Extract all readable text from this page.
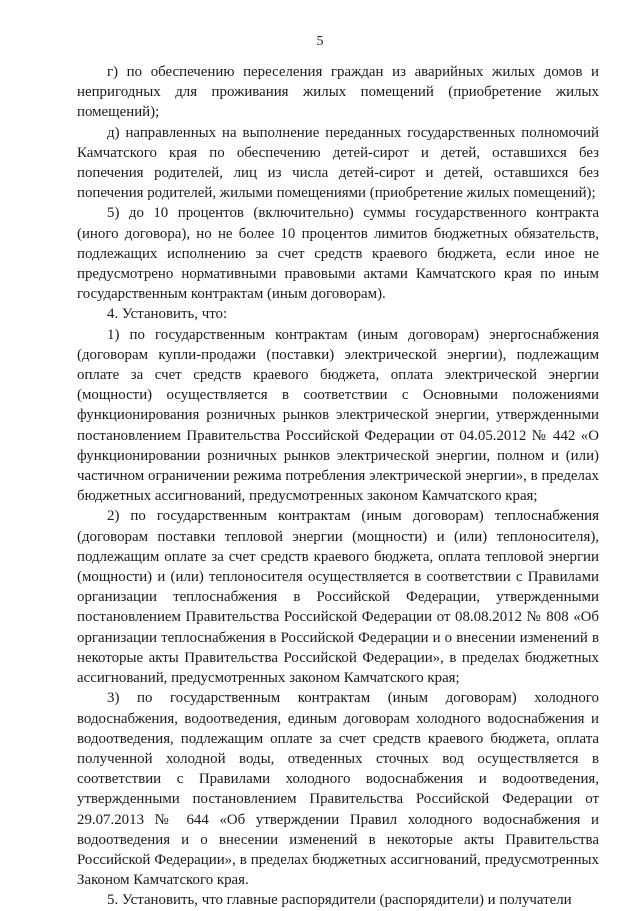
5

г) по обеспечению переселения граждан из аварийных жилых домов и непригодных для проживания жилых помещений (приобретение жилых помещений);

д) направленных на выполнение переданных государственных полномочий Камчатского края по обеспечению детей-сирот и детей, оставшихся без попечения родителей, лиц из числа детей-сирот и детей, оставшихся без попечения родителей, жилыми помещениями (приобретение жилых помещений);

5) до 10 процентов (включительно) суммы государственного контракта (иного договора), но не более 10 процентов лимитов бюджетных обязательств, подлежащих исполнению за счет средств краевого бюджета, если иное не предусмотрено нормативными правовыми актами Камчатского края по иным государственным контрактам (иным договорам).

4. Установить, что:

1) по государственным контрактам (иным договорам) энергоснабжения (договорам купли-продажи (поставки) электрической энергии), подлежащим оплате за счет средств краевого бюджета, оплата электрической энергии (мощности) осуществляется в соответствии с Основными положениями функционирования розничных рынков электрической энергии, утвержденными постановлением Правительства Российской Федерации от 04.05.2012 № 442 «О функционировании розничных рынков электрической энергии, полном и (или) частичном ограничении режима потребления электрической энергии», в пределах бюджетных ассигнований, предусмотренных законом Камчатского края;

2) по государственным контрактам (иным договорам) теплоснабжения (договорам поставки тепловой энергии (мощности) и (или) теплоносителя), подлежащим оплате за счет средств краевого бюджета, оплата тепловой энергии (мощности) и (или) теплоносителя осуществляется в соответствии с Правилами организации теплоснабжения в Российской Федерации, утвержденными постановлением Правительства Российской Федерации от 08.08.2012 № 808 «Об организации теплоснабжения в Российской Федерации и о внесении изменений в некоторые акты Правительства Российской Федерации», в пределах бюджетных ассигнований, предусмотренных законом Камчатского края;

3) по государственным контрактам (иным договорам) холодного водоснабжения, водоотведения, единым договорам холодного водоснабжения и водоотведения, подлежащим оплате за счет средств краевого бюджета, оплата полученной холодной воды, отведенных сточных вод осуществляется в соответствии с Правилами холодного водоснабжения и водоотведения, утвержденными постановлением Правительства Российской Федерации от 29.07.2013 № 644 «Об утверждении Правил холодного водоснабжения и водоотведения и о внесении изменений в некоторые акты Правительства Российской Федерации», в пределах бюджетных ассигнований, предусмотренных Законом Камчатского края.

5. Установить, что главные распорядители (распорядители) и получатели
